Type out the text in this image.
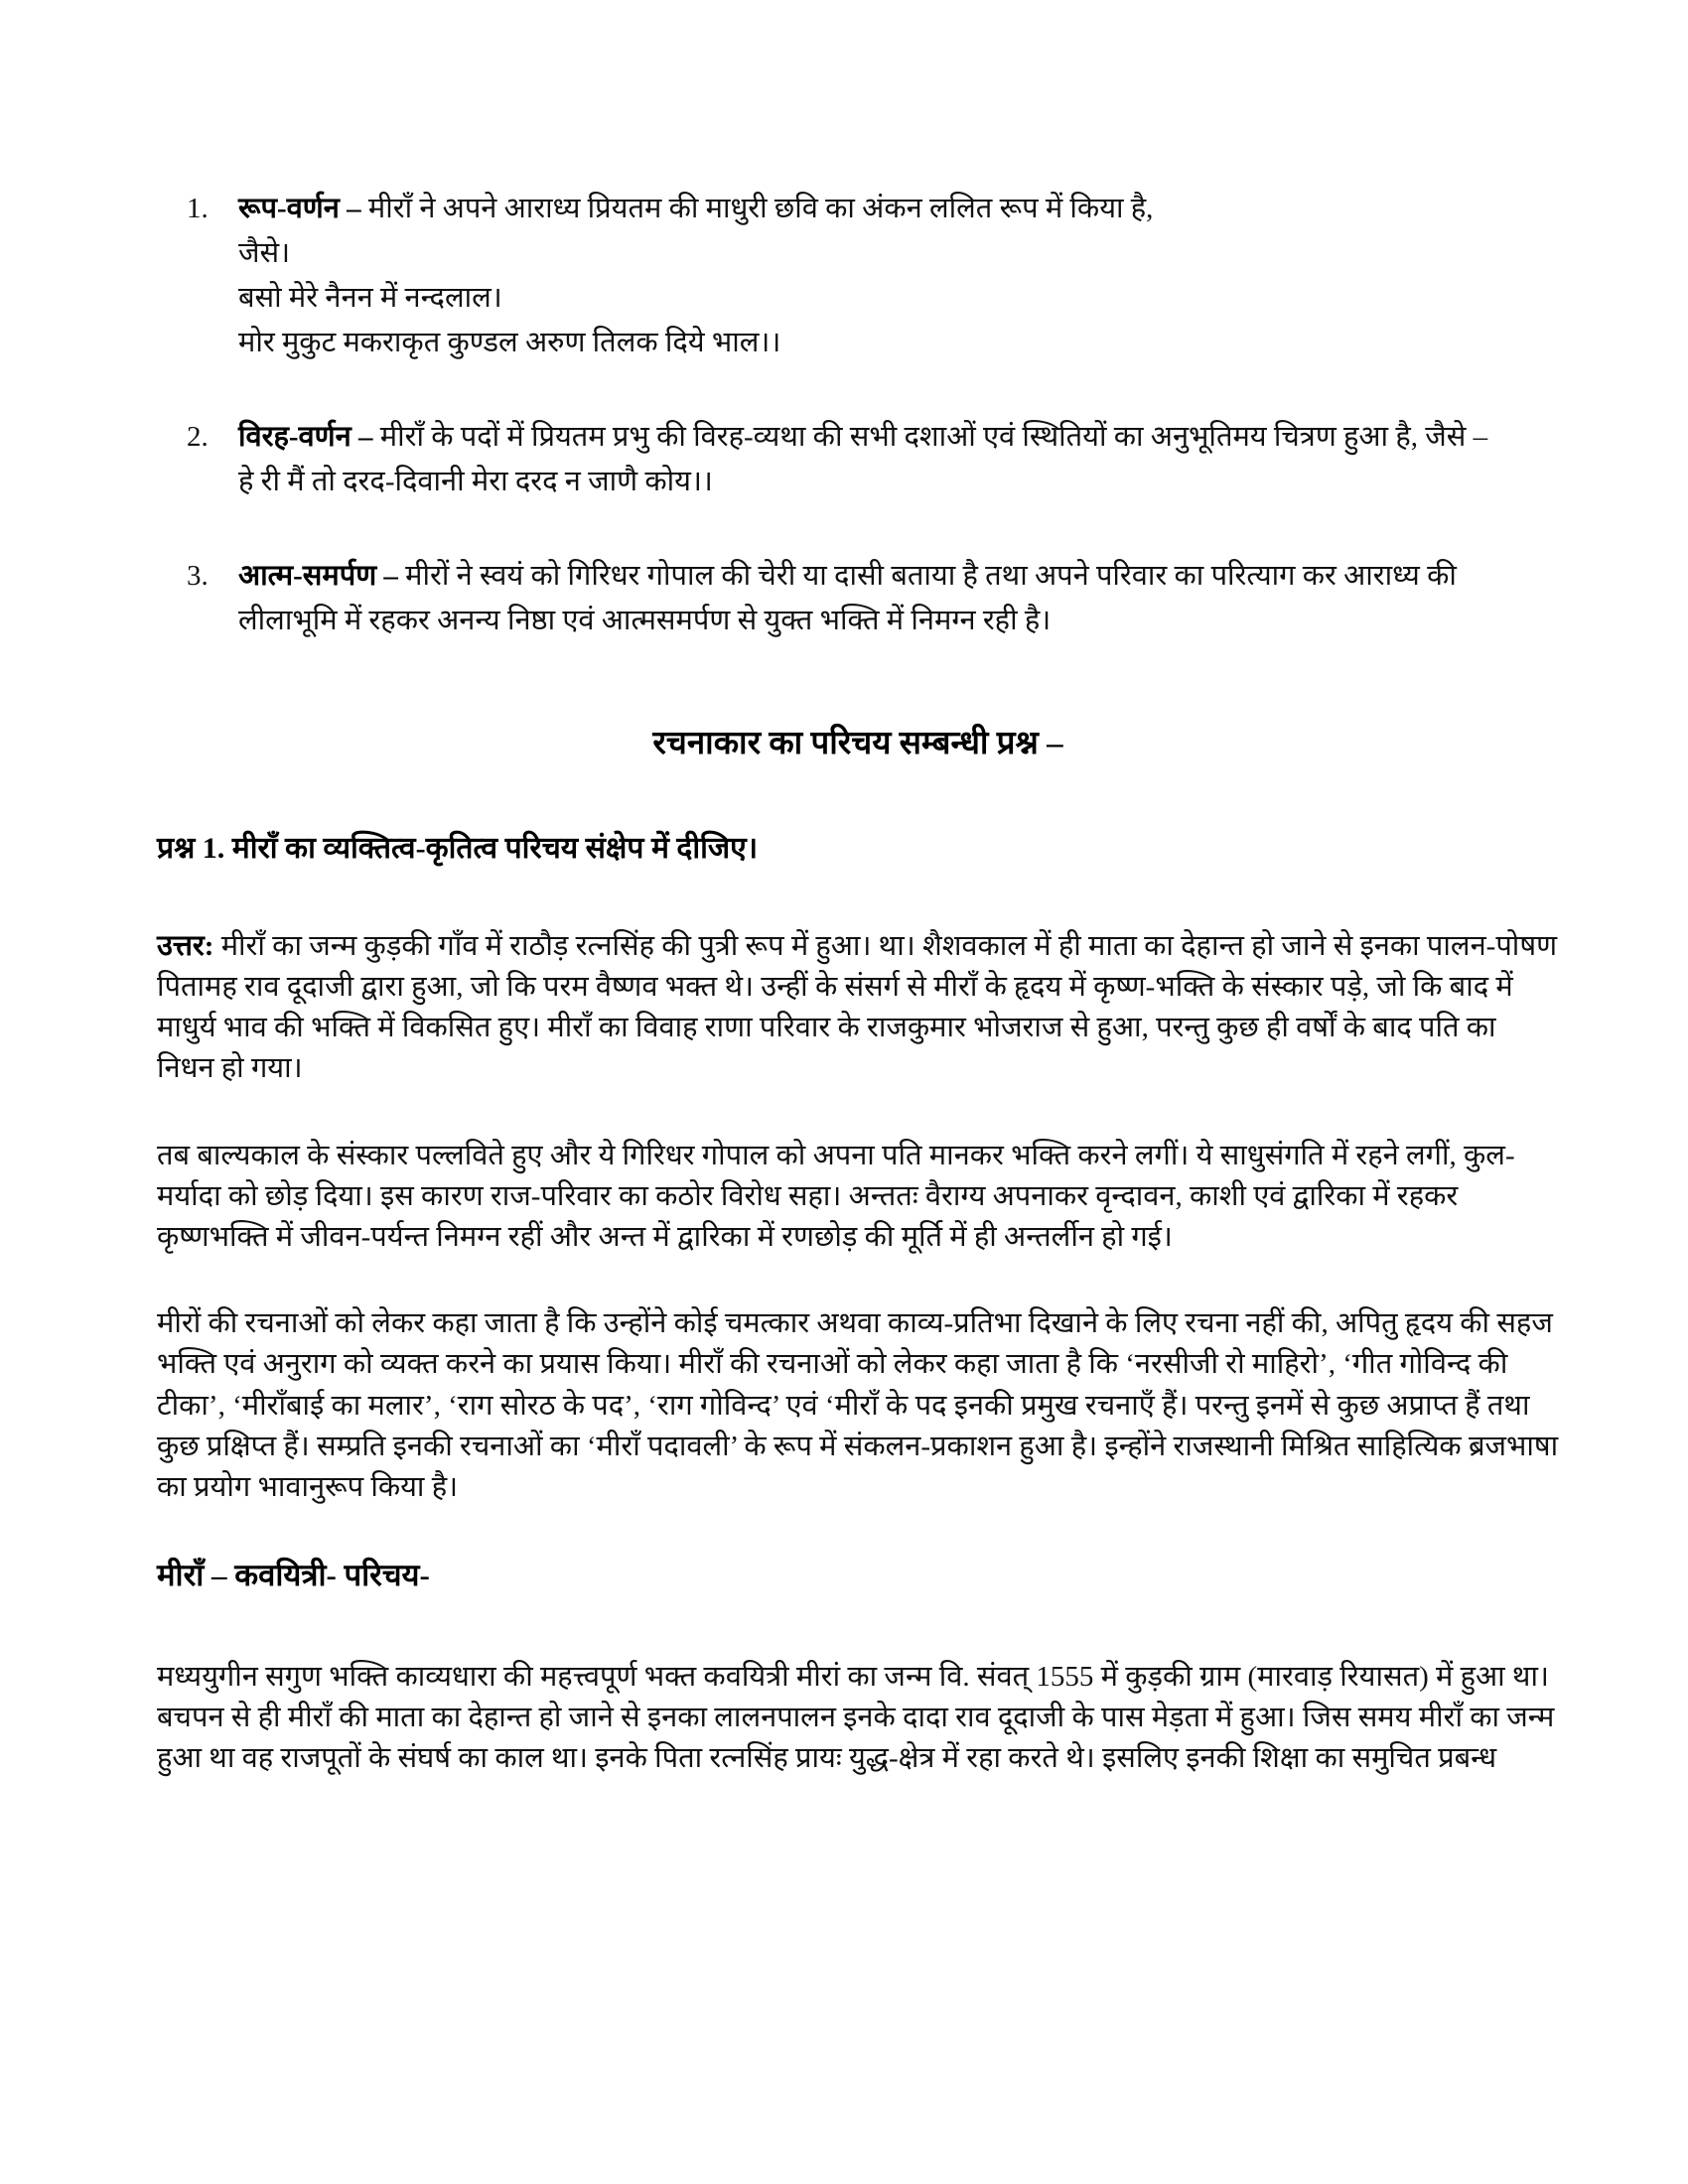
1.	रूप-वर्णन – मीराँ ने अपने आराध्य प्रियतम की माधुरी छवि का अंकन ललित रूप में किया है,

जैसे।

बसो मेरे नैनन में नन्दलाल।

मोर मुकुट मकराकृत कुण्डल अरुण तिलक दिये भाल।।

2.	विरह-वर्णन – मीराँ के पदों में प्रियतम प्रभु की विरह-व्यथा की सभी दशाओं एवं स्थितियों का अनुभूतिमय चित्रण हुआ है, जैसे –

हे री मैं तो दरद-दिवानी मेरा दरद न जाणै कोय।।

3.	आत्म-समर्पण – मीरों ने स्वयं को गिरिधर गोपाल की चेरी या दासी बताया है तथा अपने परिवार का परित्याग कर आराध्य की लीलाभूमि में रहकर अनन्य निष्ठा एवं आत्मसमर्पण से युक्त भक्ति में निमग्न रही है।

रचनाकार का परिचय सम्बन्धी प्रश्न –

प्रश्न 1. मीराँ का व्यक्तित्व-कृतित्व परिचय संक्षेप में दीजिए।

उत्तर: मीराँ का जन्म कुड़की गाँव में राठौड़ रत्नसिंह की पुत्री रूप में हुआ। था। शैशवकाल में ही माता का देहान्त हो जाने से इनका पालन-पोषण पितामह राव दूदाजी द्वारा हुआ, जो कि परम वैष्णव भक्त थे। उन्हीं के संसर्ग से मीराँ के हृदय में कृष्ण-भक्ति के संस्कार पड़े, जो कि बाद में माधुर्य भाव की भक्ति में विकसित हुए। मीराँ का विवाह राणा परिवार के राजकुमार भोजराज से हुआ, परन्तु कुछ ही वर्षों के बाद पति का निधन हो गया।

तब बाल्यकाल के संस्कार पल्लविते हुए और ये गिरिधर गोपाल को अपना पति मानकर भक्ति करने लगीं। ये साधुसंगति में रहने लगीं, कुल-मर्यादा को छोड़ दिया। इस कारण राज-परिवार का कठोर विरोध सहा। अन्ततः वैराग्य अपनाकर वृन्दावन, काशी एवं द्वारिका में रहकर कृष्णभक्ति में जीवन-पर्यन्त निमग्न रहीं और अन्त में द्वारिका में रणछोड़ की मूर्ति में ही अन्तर्लीन हो गई।

मीरों की रचनाओं को लेकर कहा जाता है कि उन्होंने कोई चमत्कार अथवा काव्य-प्रतिभा दिखाने के लिए रचना नहीं की, अपितु हृदय की सहज भक्ति एवं अनुराग को व्यक्त करने का प्रयास किया। मीराँ की रचनाओं को लेकर कहा जाता है कि ‘नरसीजी रो माहिरो’, ‘गीत गोविन्द की टीका’, ‘मीराँबाई का मलार’, ‘राग सोरठ के पद’, ‘राग गोविन्द’ एवं ‘मीराँ के पद इनकी प्रमुख रचनाएँ हैं। परन्तु इनमें से कुछ अप्राप्त हैं तथा कुछ प्रक्षिप्त हैं। सम्प्रति इनकी रचनाओं का ‘मीराँ पदावली’ के रूप में संकलन-प्रकाशन हुआ है। इन्होंने राजस्थानी मिश्रित साहित्यिक ब्रजभाषा का प्रयोग भावानुरूप किया है।

मीराँ – कवयित्री- परिचय-

मध्ययुगीन सगुण भक्ति काव्यधारा की महत्त्वपूर्ण भक्त कवयित्री मीरां का जन्म वि. संवत् 1555 में कुड़की ग्राम (मारवाड़ रियासत) में हुआ था। बचपन से ही मीराँ की माता का देहान्त हो जाने से इनका लालनपालन इनके दादा राव दूदाजी के पास मेड़ता में हुआ। जिस समय मीराँ का जन्म हुआ था वह राजपूतों के संघर्ष का काल था। इनके पिता रत्नसिंह प्रायः युद्ध-क्षेत्र में रहा करते थे। इसलिए इनकी शिक्षा का समुचित प्रबन्ध
